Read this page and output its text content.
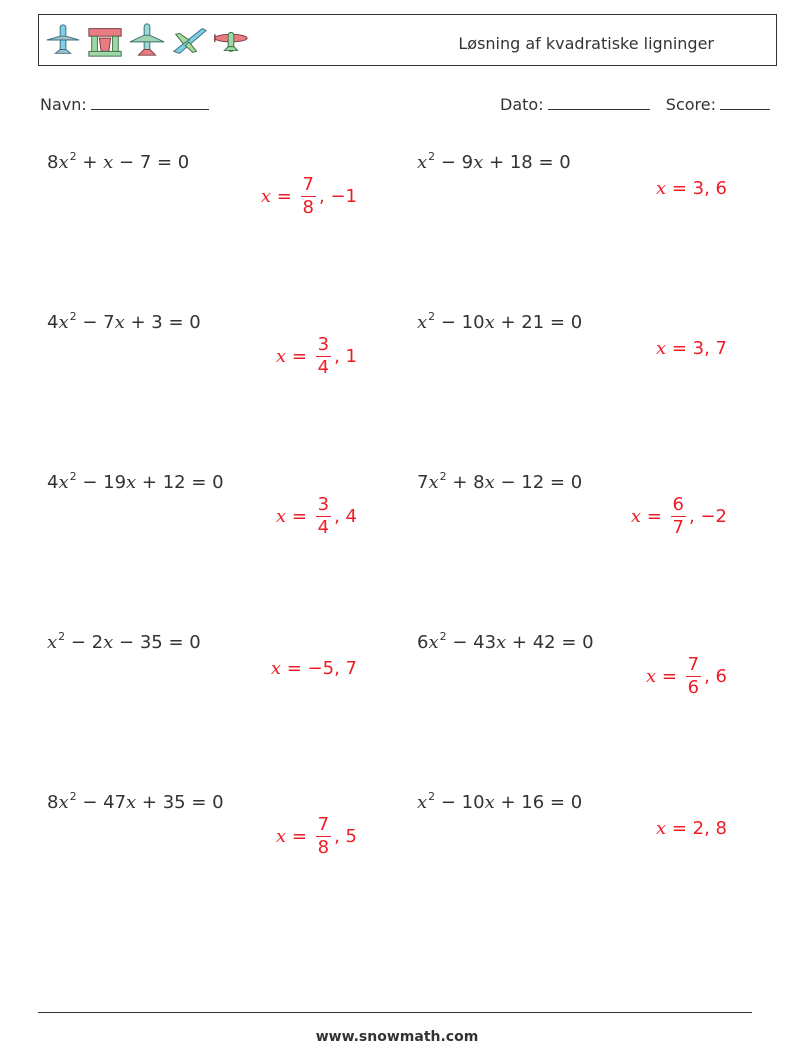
Løsning af kvadratiske ligninger
Navn:	Dato:	Score:
$8x^2 + x - 7 = 0$
$x = \frac{7}{8}$ , −1
$x^2 - 9x + 18 = 0$
x = 3 , 6
$4x^2 - 7x + 3 = 0$
$x = \frac{3}{4}$ , 1
$x^2 - 10x + 21 = 0$
x = 3 , 7
$4x^2 - 19x + 12 = 0$
$x = \frac{3}{4}$ , 4
$7x^2 + 8x - 12 = 0$
$x = \frac{6}{7}$ , −2
$x^2 - 2x - 35 = 0$
x = −5 , 7
$6x^2 - 43x + 42 = 0$
$x = \frac{7}{6}$ , 6
$8x^2 - 47x + 35 = 0$
$x = \frac{7}{8}$ , 5
$x^2 - 10x + 16 = 0$
x = 2 , 8
www.snowmath.com
